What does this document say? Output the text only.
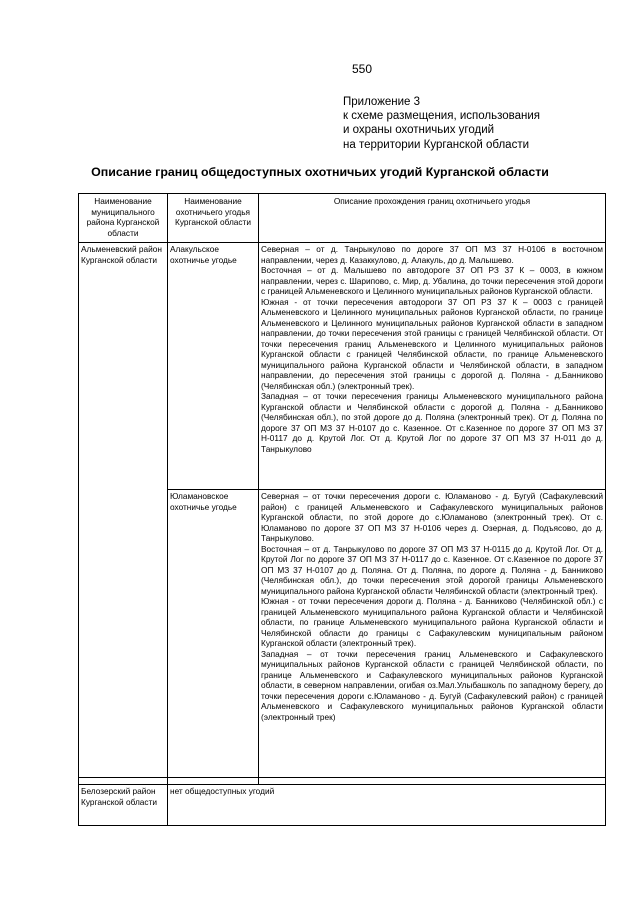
550
Приложение 3
к схеме размещения, использования
и охраны охотничьих угодий
на территории Курганской области
Описание границ общедоступных охотничьих угодий Курганской области
Наименование муниципального района Курганской области	Наименование охотничьего угодья Курганской области	Описание прохождения границ охотничьего угодья
Альменевский район Курганской области	Алакульское охотничье угодье	Северная – от д. Танрыкулово по дороге 37 ОП МЗ 37 Н-0106 в восточном направлении, через д. Казаккулово, д. Алакуль, до д. Малышево.

Восточная – от д. Малышево по автодороге 37 ОП РЗ 37 К – 0003, в южном направлении, через с. Шарипово, с. Мир, д. Убалина, до точки пересечения этой дороги с границей Альменевского и Целинного муниципальных районов Курганской области.

Южная - от точки пересечения автодороги 37 ОП РЗ 37 К – 0003 с границей Альменевского и Целинного муниципальных районов Курганской области, по границе Альменевского и Целинного муниципальных районов Курганской области в западном направлении, до точки пересечения этой границы с границей Челябинской области. От точки пересечения границ Альменевского и Целинного муниципальных районов Курганской области с границей Челябинской области, по границе Альменевского муниципального района Курганской области и Челябинской области, в западном направлении, до пересечения этой границы с дорогой д. Поляна - д.Банниково (Челябинская обл.) (электронный трек).

Западная – от точки пересечения границы Альменевского муниципального района Курганской области и Челябинской области с дорогой д. Поляна - д.Банниково (Челябинская обл.), по этой дороге до д. Поляна (электронный трек). От д. Поляна по дороге 37 ОП МЗ 37 Н-0107 до с. Казенное. От с.Казенное по дороге 37 ОП МЗ 37 Н-0117 до д. Крутой Лог. От д. Крутой Лог по дороге 37 ОП МЗ 37 Н-011 до д. Танрыкулово

	Юламановское охотничье угодье	Северная – от точки пересечения дороги с. Юламаново - д. Бугуй (Сафакулевский район) с границей Альменевского и Сафакулевского муниципальных районов Курганской области, по этой дороге до с.Юламаново (электронный трек). От с. Юламаново по дороге 37 ОП МЗ 37 Н-0106 через д. Озерная, д. Подъясово, до д. Танрыкулово.

Восточная – от д. Танрыкулово по дороге 37 ОП МЗ 37 Н-0115 до д. Крутой Лог. От д. Крутой Лог по дороге 37 ОП МЗ 37 Н-0117 до с. Казенное. От с.Казенное по дороге 37 ОП МЗ 37 Н-0107 до д. Поляна. От д. Поляна, по дороге д. Поляна - д. Банниково (Челябинская обл.), до точки пересечения этой дорогой границы Альменевского муниципального района Курганской области Челябинской области (электронный трек).

Южная - от точки пересечения дороги д. Поляна - д. Банниково (Челябинской обл.) с границей Альменевского муниципального района Курганской области и Челябинской области, по границе Альменевского муниципального района Курганской области и Челябинской области до границы с Сафакулевским муниципальным районом Курганской области (электронный трек).

Западная – от точки пересечения границ Альменевского и Сафакулевского муниципальных районов Курганской области с границей Челябинской области, по границе Альменевского и Сафакулевского муниципальных районов Курганской области, в северном направлении, огибая оз.Мал.Улыбашколь по западному берегу, до точки пересечения дороги с.Юламаново - д. Бугуй (Сафакулевский район) с границей Альменевского и Сафакулевского муниципальных районов Курганской области (электронный трек)

Белозерский район Курганской области	нет общедоступных угодий	
